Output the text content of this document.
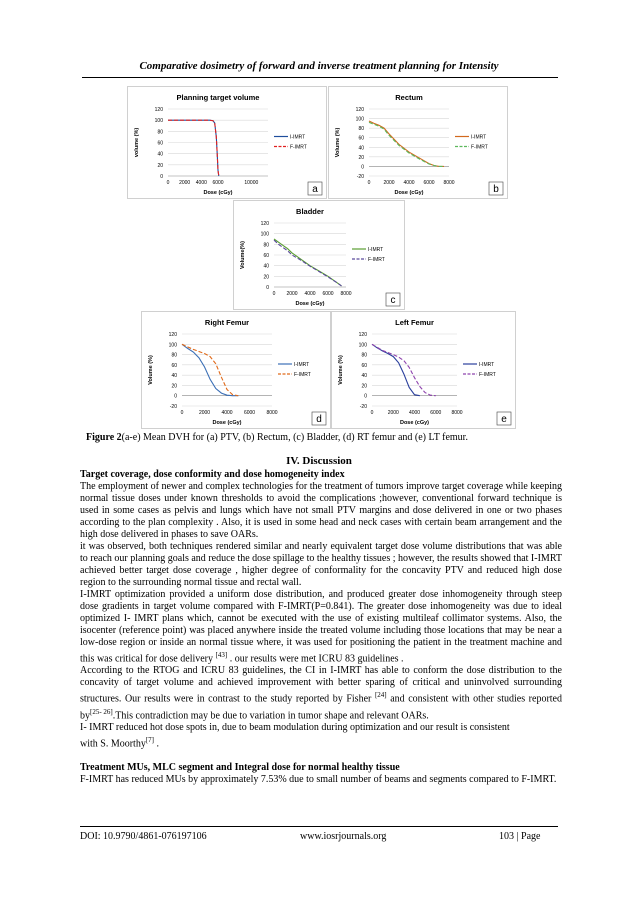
Comparative dosimetry of forward and inverse treatment planning for Intensity
Planning target volume
0
20
40
60
80
100
120
0 2000 4000 6000	10000
Dose (cGy)
volume (%)	I-IMRT
F-IMRT
a
Rectum
-20
0
20
40
60
80
100
120
0	2000 4000 6000 8000
Dose (cGy)
Volume (%)	I-IMRT
F-IMRT
b
Bladder
0
20
40
60
80
100
120
0 2000 4000 6000 8000
Dose (cGy)
Volume(%)	I-IMRT
F-IMRT
c
Right Femur
-20
0
20
40
60
80
100
120
0	2000 4000 6000 8000
Dose (cGy)
Volume (%)	I-IMRT
F-IMRT
d
Left Femur
-20
0
20
40
60
80
100
120
0	2000 4000 6000 8000
Dose (cGy)
Volume (%)	I-IMRT
F-IMRT
e
Figure 2(a-e) Mean DVH for (a) PTV, (b) Rectum, (c) Bladder, (d) RT femur and (e) LT femur.
IV. Discussion
Target coverage, dose conformity and dose homogeneity index

The employment of newer and complex technologies for the treatment of tumors improve target coverage while keeping normal tissue doses under known thresholds to avoid the complications ;however, conventional forward technique is used in some cases as pelvis and lungs which have not small PTV margins and dose delivered in one or two phases according to the plan complexity . Also, it is used in some head and neck cases with certain beam arrangement and the high dose delivered in phases to save OARs.

it was observed, both techniques rendered similar and nearly equivalent target dose volume distributions that was able to reach our planning goals and reduce the dose spillage to the healthy tissues ; however, the results showed that I-IMRT achieved better target dose coverage , higher degree of conformality for the concavity PTV and reduced high dose region to the surrounding normal tissue and rectal wall.

I-IMRT optimization provided a uniform dose distribution, and produced greater dose inhomogeneity through steep dose gradients in target volume compared with F-IMRT(P=0.841). The greater dose inhomogeneity was due to ideal optimized I- IMRT plans which, cannot be executed with the use of existing multileaf collimator systems. Also, the isocenter (reference point) was placed anywhere inside the treated volume including those locations that may be near a low-dose region or inside an normal tissue where, it was used for positioning the patient in the treatment machine and this was critical for dose delivery [43] . our results were met ICRU 83 guidelines .

According to the RTOG and ICRU 83 guidelines, the CI in I-IMRT has able to conform the dose distribution to the concavity of target volume and achieved improvement with better sparing of critical and uninvolved surrounding structures. Our results were in contrast to the study reported by Fisher [24] and consistent with other studies reported by[25- 26].This contradiction may be due to variation in tumor shape and relevant OARs.

I- IMRT reduced hot dose spots in, due to beam modulation during optimization and our result is consistent
with S. Moorthy[7] .

Treatment MUs, MLC segment and Integral dose for normal healthy tissue

F-IMRT has reduced MUs by approximately 7.53% due to small number of beams and segments compared to F-IMRT.

DOI: 10.9790/4861-076197106	www.iosrjournals.org	103 | Page
